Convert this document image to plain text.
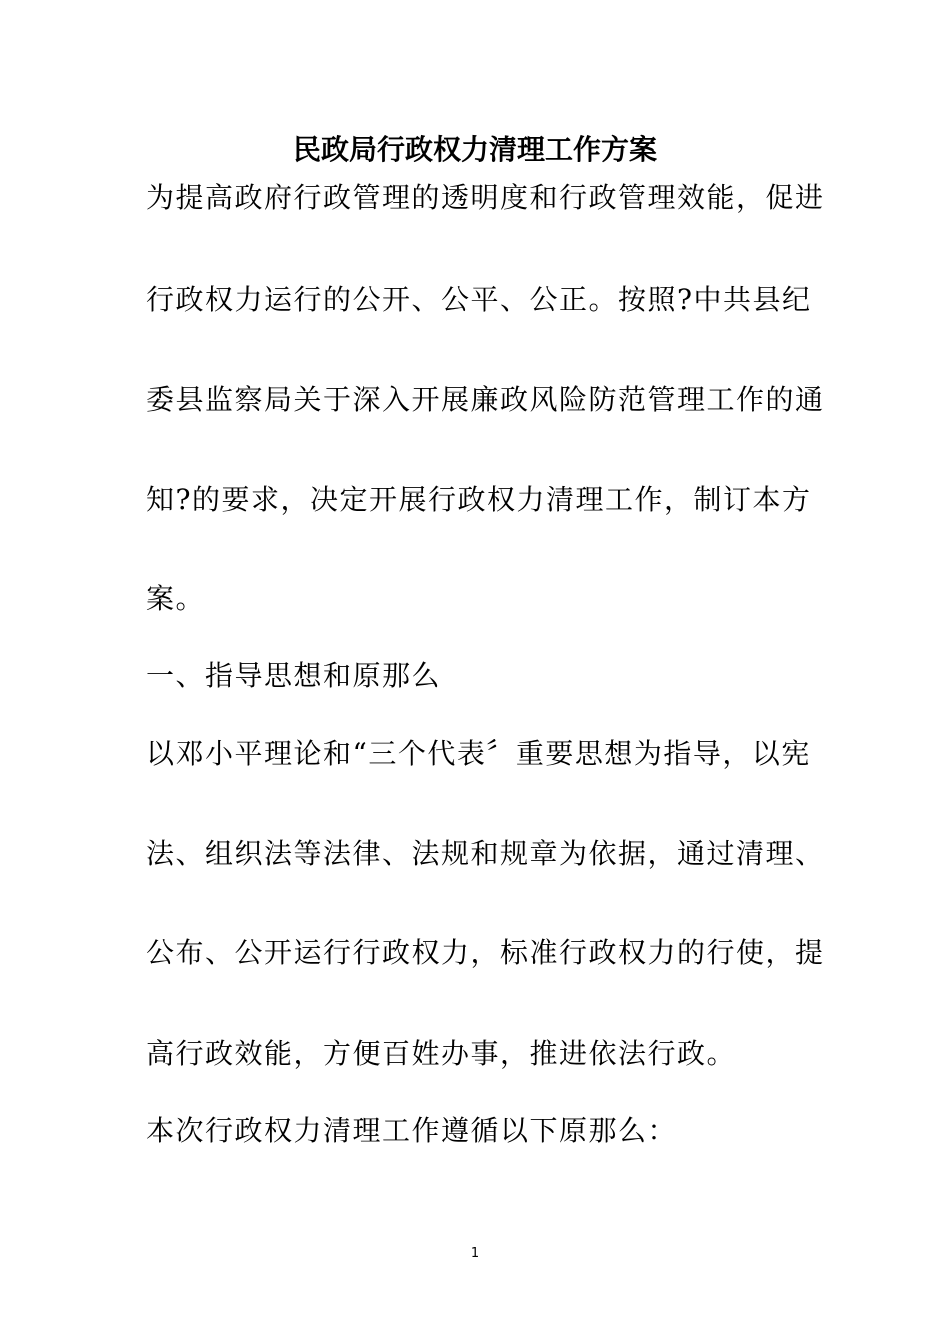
民政局行政权力清理工作方案
为提高政府行政管理的透明度和行政管理效能，促进
行政权力运行的公开、公平、公正。按照?中共县纪
委县监察局关于深入开展廉政风险防范管理工作的通
知?的要求，决定开展行政权力清理工作，制订本方
案。
一、指导思想和原那么
以邓小平理论和“三个代表〞重要思想为指导，以宪
法、组织法等法律、法规和规章为依据，通过清理、
公布、公开运行行政权力，标准行政权力的行使，提
高行政效能，方便百姓办事，推进依法行政。
本次行政权力清理工作遵循以下原那么：
1
